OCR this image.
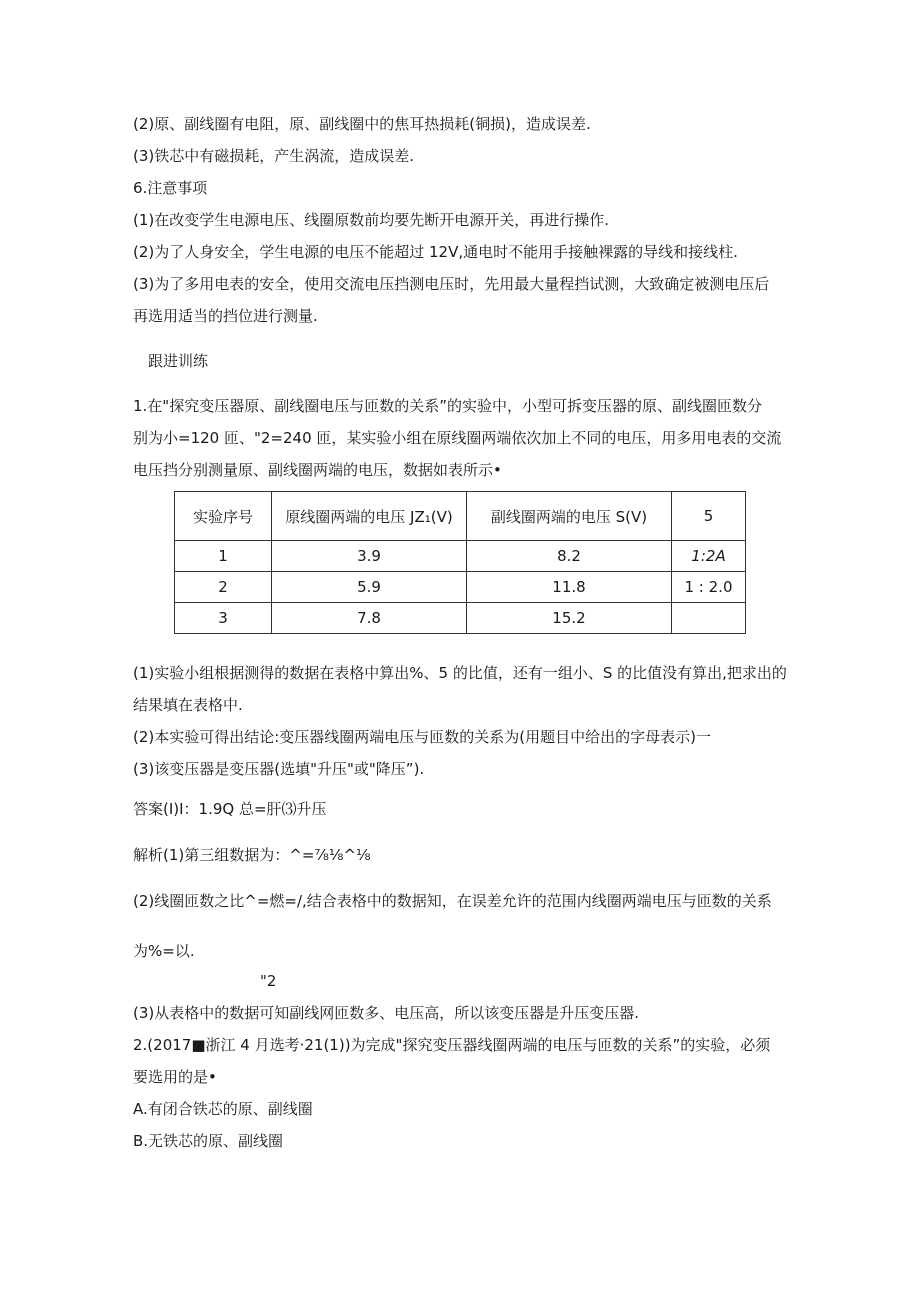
(2)原、副线圈有电阻，原、副线圈中的焦耳热损耗(铜损)，造成误差.
(3)铁芯中有磁损耗，产生涡流，造成误差.
6.注意事项
(1)在改变学生电源电压、线圈原数前均要先断开电源开关，再进行操作.
(2)为了人身安全，学生电源的电压不能超过 12V,通电时不能用手接触裸露的导线和接线柱.
(3)为了多用电表的安全，使用交流电压挡测电压时，先用最大量程挡试测，大致确定被测电压后
再选用适当的挡位进行测量.
跟进训练
1.在"探究变压器原、副线圈电压与匝数的关系”的实验中，小型可拆变压器的原、副线圈匝数分
别为小=120 匝、"2=240 匝，某实验小组在原线圈两端依次加上不同的电压，用多用电表的交流
电压挡分别测量原、副线圈两端的电压，数据如表所示•
实验序号	原线圈两端的电压 JZ₁(V)	副线圈两端的电压 S(V)	5
1	3.9	8.2	1:2A
2	5.9	11.8	1 : 2.0
3	7.8	15.2	
(1)实验小组根据测得的数据在表格中算出%、5 的比值，还有一组小、S 的比值没有算出,把求出的
结果填在表格中.
(2)本实验可得出结论:变压器线圈两端电压与匝数的关系为(用题目中给出的字母表示)一
(3)该变压器是变压器(选填"升压"或"降压”).
答案(I)I：1.9Q 总=肝⑶升压
解析(1)第三组数据为：^=⅞⅛^⅛
(2)线圈匝数之比^=燃=/,结合表格中的数据知，在误差允许的范围内线圈两端电压与匝数的关系
为%=以.
"2
(3)从表格中的数据可知副线网匝数多、电压高，所以该变压器是升压变压器.
2.(2017■浙江 4 月选考·21(1))为完成"探究变压器线圈两端的电压与匝数的关系”的实验，必须
要选用的是•
A.有闭合铁芯的原、副线圈
B.无铁芯的原、副线圈
